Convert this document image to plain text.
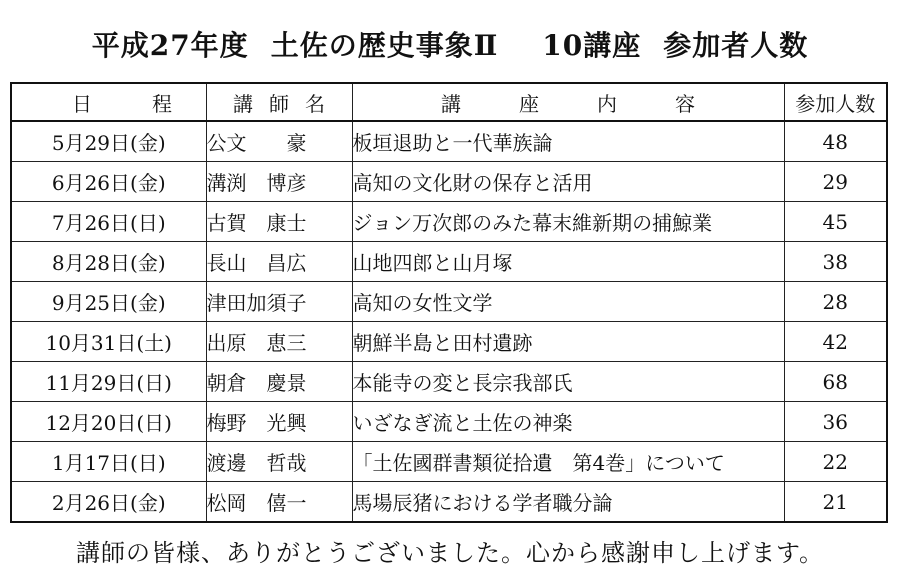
平成27年度 土佐の歴史事象Ⅱ 10講座 参加者人数
日程	講師名	講座内容	参加人数
5月29日(金)	公文　　豪	板垣退助と一代華族論	48
6月26日(金)	溝渕　博彦	高知の文化財の保存と活用	29
7月26日(日)	古賀　康士	ジョン万次郎のみた幕末維新期の捕鯨業	45
8月28日(金)	長山　昌広	山地四郎と山月塚	38
9月25日(金)	津田加須子	高知の女性文学	28
10月31日(土)	出原　恵三	朝鮮半島と田村遺跡	42
11月29日(日)	朝倉　慶景	本能寺の変と長宗我部氏	68
12月20日(日)	梅野　光興	いざなぎ流と土佐の神楽	36
1月17日(日)	渡邊　哲哉	「土佐國群書類従拾遺　第4巻」について	22
2月26日(金)	松岡　僖一	馬場辰猪における学者職分論	21
講師の皆様、ありがとうございました。心から感謝申し上げます。
